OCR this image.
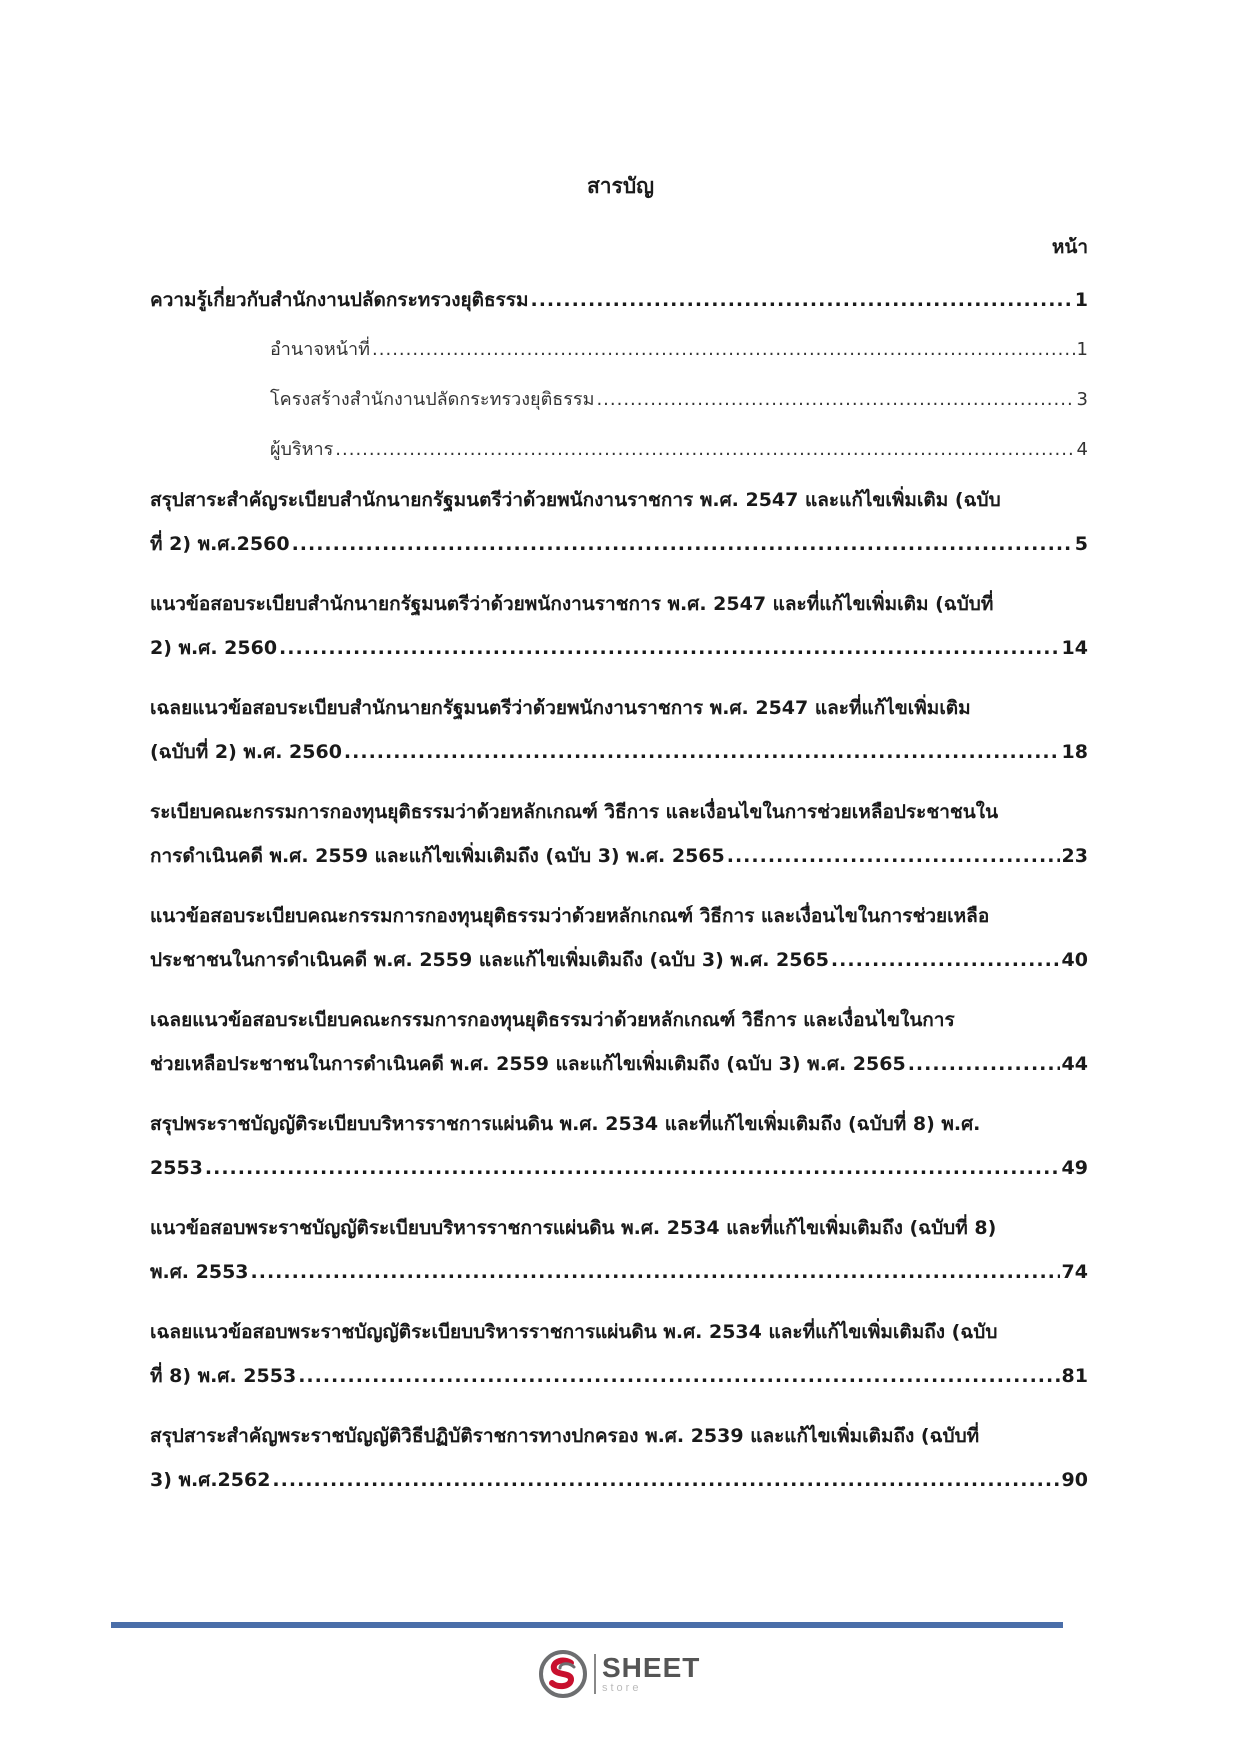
สารบัญ
หน้า
ความรู้เกี่ยวกับสำนักงานปลัดกระทรวงยุติธรรม .....	1
อำนาจหน้าที่ .....	1
โครงสร้างสำนักงานปลัดกระทรวงยุติธรรม .....	3
ผู้บริหาร .....	4
สรุปสาระสำคัญระเบียบสำนักนายกรัฐมนตรีว่าด้วยพนักงานราชการ พ.ศ. 2547 และแก้ไขเพิ่มเติม (ฉบับ
ที่ 2) พ.ศ.2560 .....	5
แนวข้อสอบระเบียบสำนักนายกรัฐมนตรีว่าด้วยพนักงานราชการ พ.ศ. 2547 และที่แก้ไขเพิ่มเติม (ฉบับที่
2) พ.ศ. 2560 .....	14
เฉลยแนวข้อสอบระเบียบสำนักนายกรัฐมนตรีว่าด้วยพนักงานราชการ พ.ศ. 2547 และที่แก้ไขเพิ่มเติม
(ฉบับที่ 2) พ.ศ. 2560 .....	18
ระเบียบคณะกรรมการกองทุนยุติธรรมว่าด้วยหลักเกณฑ์ วิธีการ และเงื่อนไขในการช่วยเหลือประชาชนใน
การดำเนินคดี พ.ศ. 2559 และแก้ไขเพิ่มเติมถึง (ฉบับ 3) พ.ศ. 2565 .....	23
แนวข้อสอบระเบียบคณะกรรมการกองทุนยุติธรรมว่าด้วยหลักเกณฑ์ วิธีการ และเงื่อนไขในการช่วยเหลือ
ประชาชนในการดำเนินคดี พ.ศ. 2559 และแก้ไขเพิ่มเติมถึง (ฉบับ 3) พ.ศ. 2565 .....	40
เฉลยแนวข้อสอบระเบียบคณะกรรมการกองทุนยุติธรรมว่าด้วยหลักเกณฑ์ วิธีการ และเงื่อนไขในการ
ช่วยเหลือประชาชนในการดำเนินคดี พ.ศ. 2559 และแก้ไขเพิ่มเติมถึง (ฉบับ 3) พ.ศ. 2565 .....	44
สรุปพระราชบัญญัติระเบียบบริหารราชการแผ่นดิน พ.ศ. 2534 และที่แก้ไขเพิ่มเติมถึง (ฉบับที่ 8) พ.ศ.
2553 .....	49
แนวข้อสอบพระราชบัญญัติระเบียบบริหารราชการแผ่นดิน พ.ศ. 2534 และที่แก้ไขเพิ่มเติมถึง (ฉบับที่ 8)
พ.ศ. 2553 .....	74
เฉลยแนวข้อสอบพระราชบัญญัติระเบียบบริหารราชการแผ่นดิน พ.ศ. 2534 และที่แก้ไขเพิ่มเติมถึง (ฉบับ
ที่ 8) พ.ศ. 2553 .....	81
สรุปสาระสำคัญพระราชบัญญัติวิธีปฏิบัติราชการทางปกครอง พ.ศ. 2539 และแก้ไขเพิ่มเติมถึง (ฉบับที่
3) พ.ศ.2562 .....	90
SHEET
store
